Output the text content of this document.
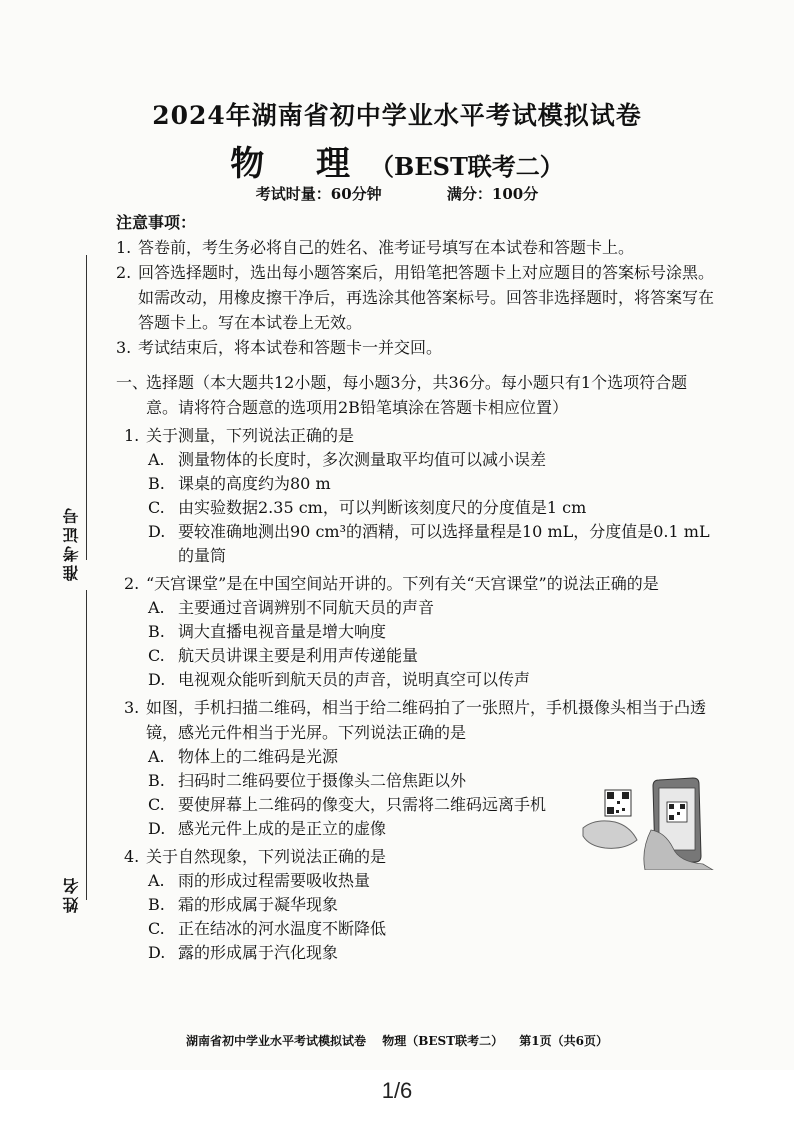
2024年湖南省初中学业水平考试模拟试卷
物 理（BEST联考二）
考试时量：60分钟	满分：100分
准考证号
姓名
注意事项：
1. 答卷前，考生务必将自己的姓名、准考证号填写在本试卷和答题卡上。
2. 回答选择题时，选出每小题答案后，用铅笔把答题卡上对应题目的答案标号涂黑。如需改动，用橡皮擦干净后，再选涂其他答案标号。回答非选择题时，将答案写在答题卡上。写在本试卷上无效。
3. 考试结束后，将本试卷和答题卡一并交回。
一、
选择题（本大题共12小题，每小题3分，共36分。每小题只有1个选项符合题意。请将符合题意的选项用2B铅笔填涂在答题卡相应位置）
1. 关于测量，下列说法正确的是
A. 测量物体的长度时，多次测量取平均值可以减小误差
B. 课桌的高度约为80 m
C. 由实验数据2.35 cm，可以判断该刻度尺的分度值是1 cm
D. 要较准确地测出90 cm³的酒精，可以选择量程是10 mL，分度值是0.1 mL的量筒
2. “天宫课堂”是在中国空间站开讲的。下列有关“天宫课堂”的说法正确的是
A. 主要通过音调辨别不同航天员的声音
B. 调大直播电视音量是增大响度
C. 航天员讲课主要是利用声传递能量
D. 电视观众能听到航天员的声音，说明真空可以传声
3. 如图，手机扫描二维码，相当于给二维码拍了一张照片，手机摄像头相当于凸透镜，感光元件相当于光屏。下列说法正确的是
A. 物体上的二维码是光源
B. 扫码时二维码要位于摄像头二倍焦距以外
C. 要使屏幕上二维码的像变大，只需将二维码远离手机
D. 感光元件上成的是正立的虚像
4. 关于自然现象，下列说法正确的是
A. 雨的形成过程需要吸收热量
B. 霜的形成属于凝华现象
C. 正在结冰的河水温度不断降低
D. 露的形成属于汽化现象
湖南省初中学业水平考试模拟试卷 物理（BEST联考二） 第1页（共6页）
1/6
